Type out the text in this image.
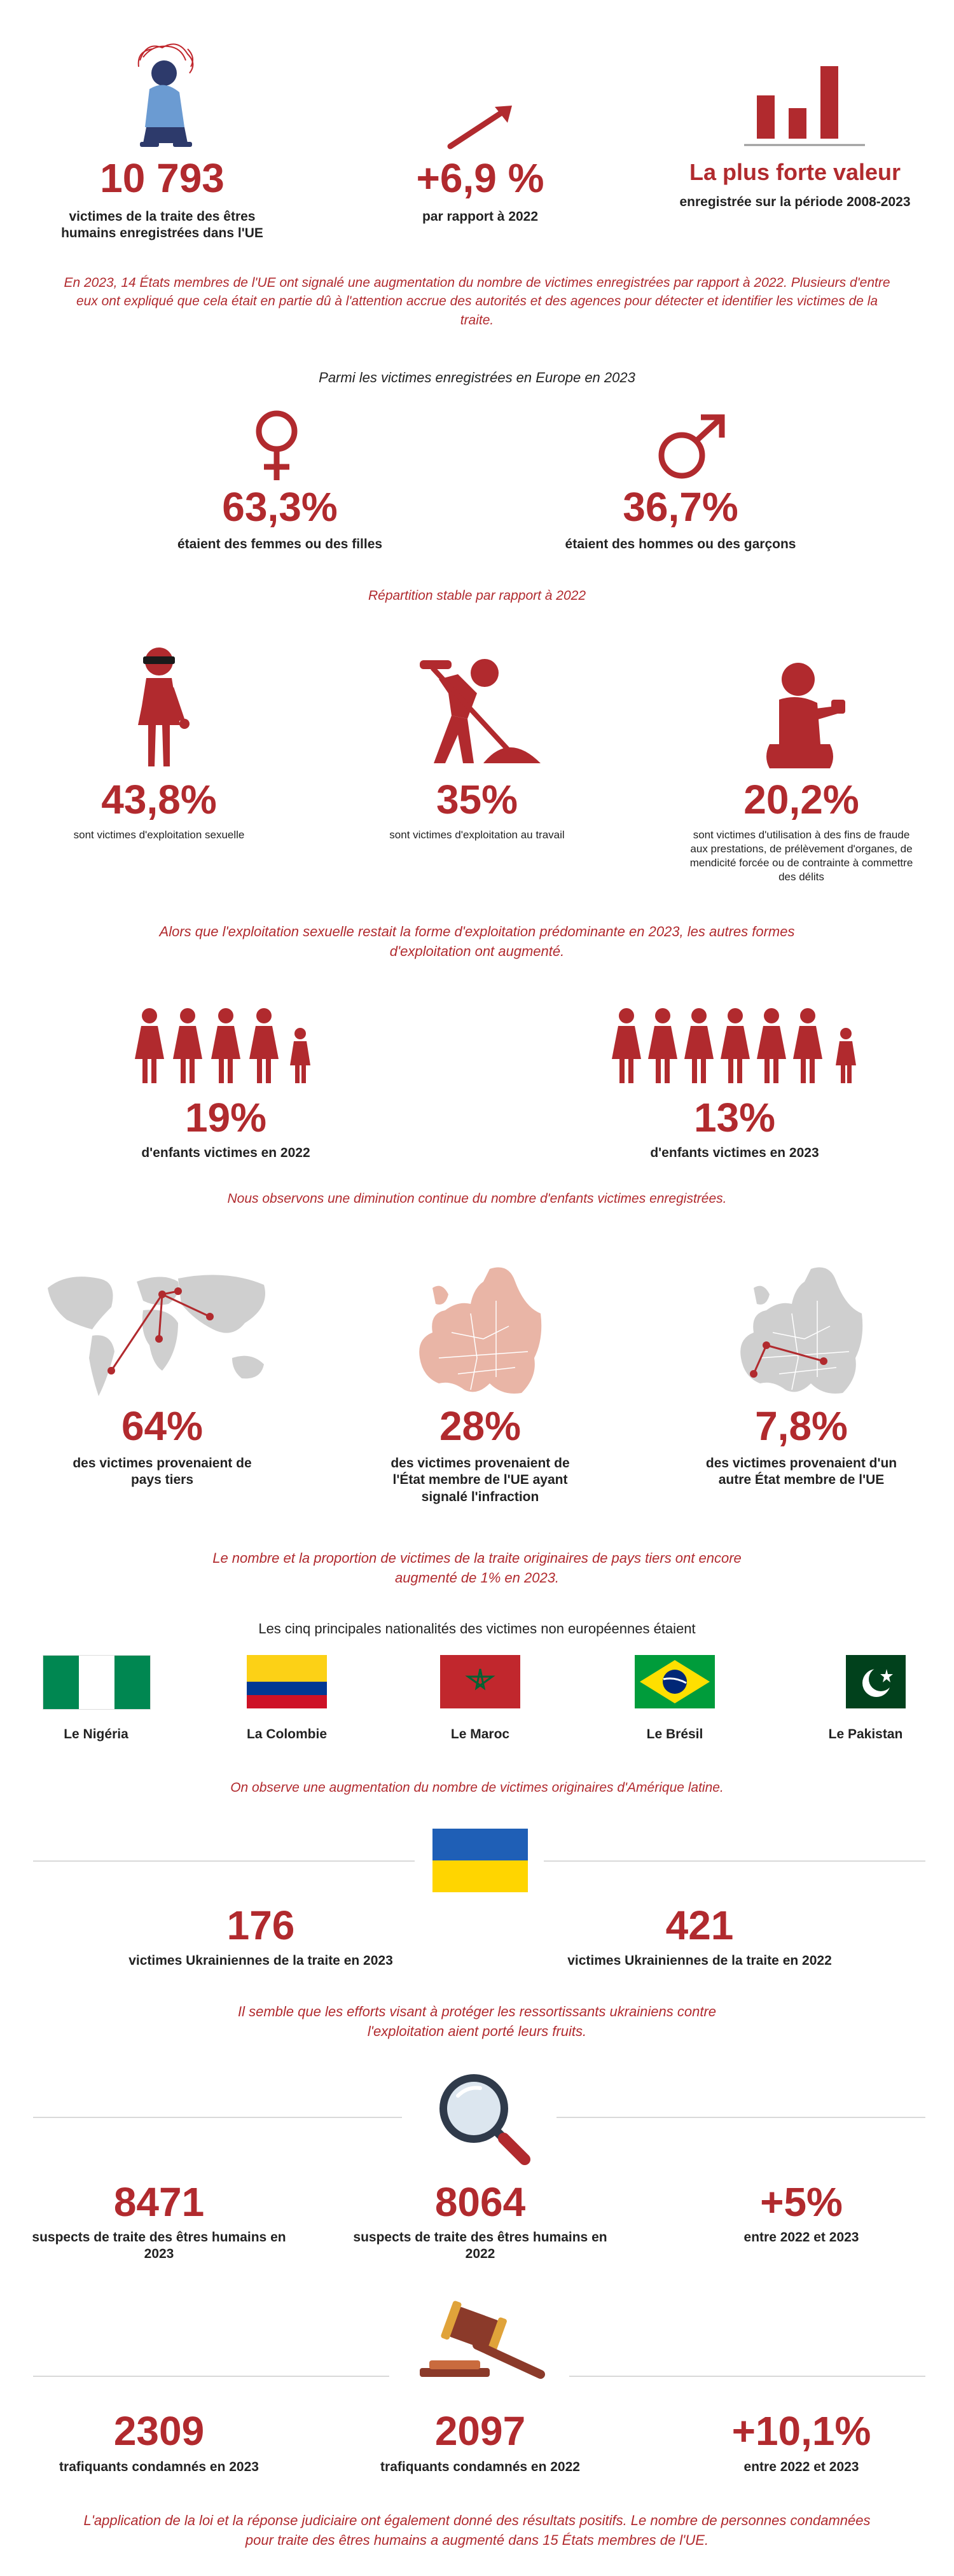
10 793
victimes de la traite des êtres humains enregistrées dans l'UE
+6,9 %
par rapport à 2022
La plus forte valeur
enregistrée sur la période 2008-2023
En 2023, 14 États membres de l'UE ont signalé une augmentation du nombre de victimes enregistrées par rapport à 2022. Plusieurs d'entre eux ont expliqué que cela était en partie dû à l'attention accrue des autorités et des agences pour détecter et identifier les victimes de la traite.
Parmi les victimes enregistrées en Europe en 2023
63,3%
étaient des femmes ou des filles
36,7%
étaient des hommes ou des garçons
Répartition stable par rapport à 2022
43,8%
sont victimes d'exploitation sexuelle
35%
sont victimes d'exploitation au travail
20,2%
sont victimes d'utilisation à des fins de fraude aux prestations, de prélèvement d'organes, de mendicité forcée ou de contrainte à commettre des délits
Alors que l'exploitation sexuelle restait la forme d'exploitation prédominante en 2023, les autres formes d'exploitation ont augmenté.
19%
d'enfants victimes en 2022
13%
d'enfants victimes en 2023
Nous observons une diminution continue du nombre d'enfants victimes enregistrées.
64%
des victimes provenaient de pays tiers
28%
des victimes provenaient de l'État membre de l'UE ayant signalé l'infraction
7,8%
des victimes provenaient d'un autre État membre de l'UE
Le nombre et la proportion de victimes de la traite originaires de pays tiers ont encore augmenté de 1% en 2023.
Les cinq principales nationalités des victimes non européennes étaient
Le Nigéria	La Colombie	Le Maroc	Le Brésil	Le Pakistan
On observe une augmentation du nombre de victimes originaires d'Amérique latine.
176
victimes Ukrainiennes de la traite en 2023
421
victimes Ukrainiennes de la traite en 2022
Il semble que les efforts visant à protéger les ressortissants ukrainiens contre l'exploitation aient porté leurs fruits.
8471
suspects de traite des êtres humains en 2023
8064
suspects de traite des êtres humains en 2022
+5%
entre 2022 et 2023
2309
trafiquants condamnés en 2023
2097
trafiquants condamnés en 2022
+10,1%
entre 2022 et 2023
L'application de la loi et la réponse judiciaire ont également donné des résultats positifs. Le nombre de personnes condamnées pour traite des êtres humains a augmenté dans 15 États membres de l'UE.
